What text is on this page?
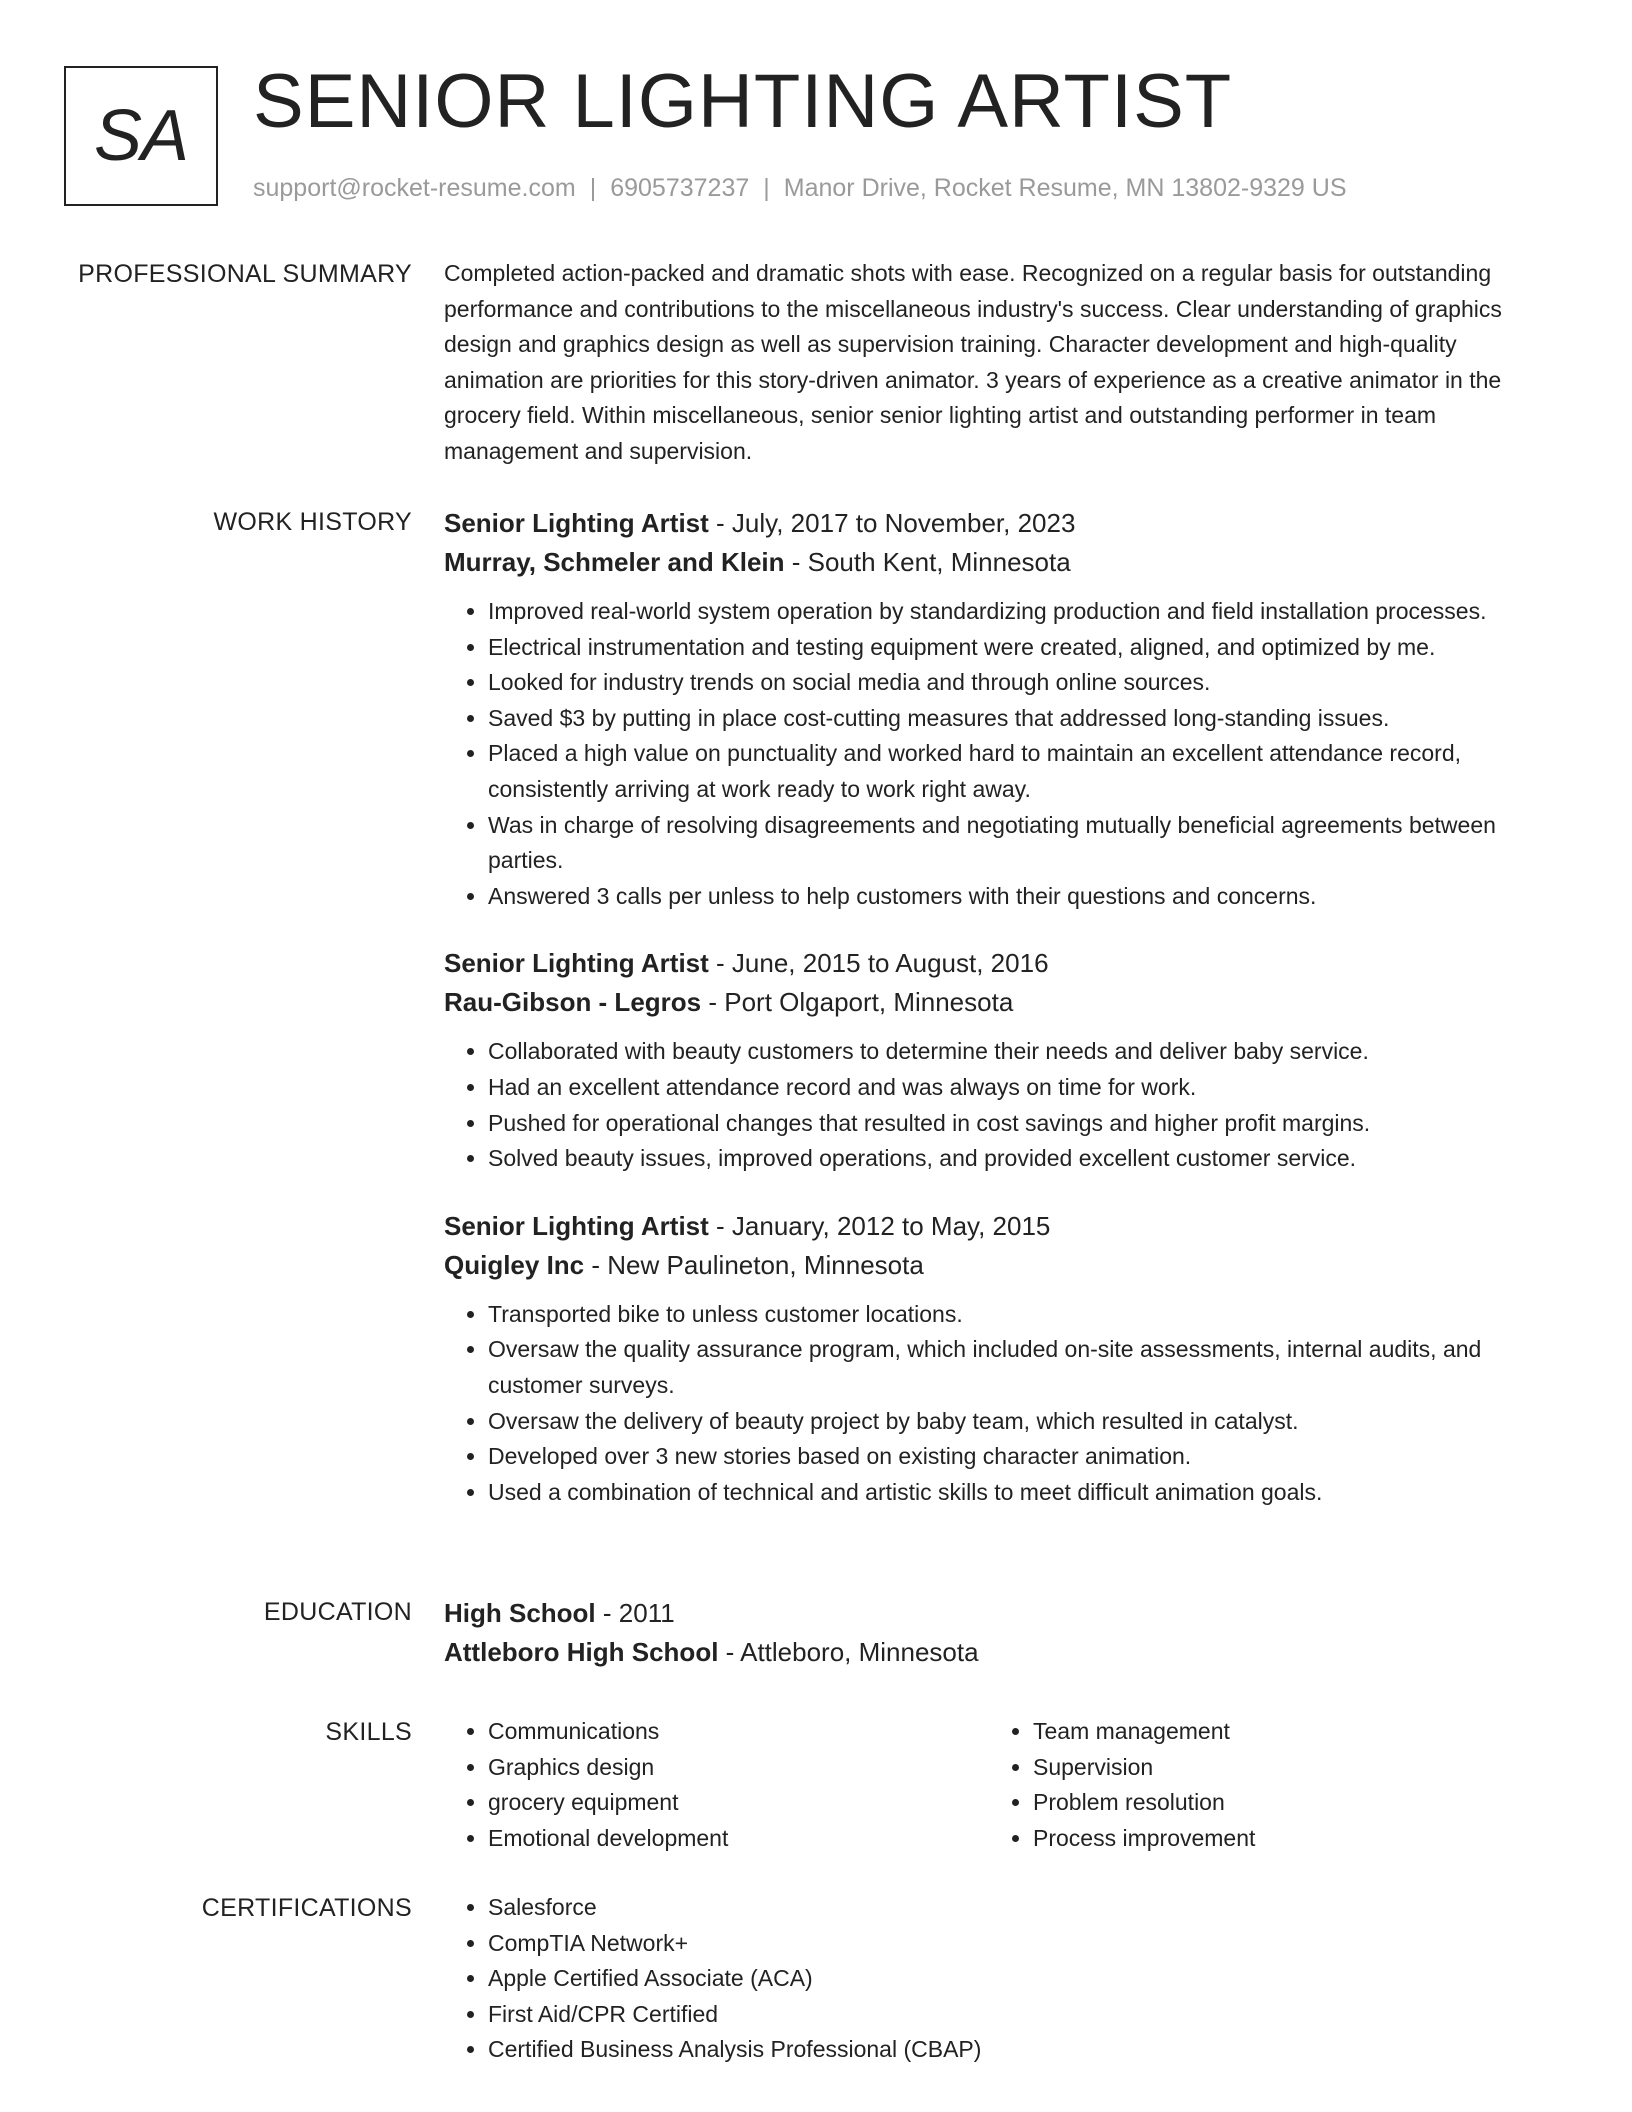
SA SENIOR LIGHTING ARTIST
support@rocket-resume.com | 6905737237 | Manor Drive, Rocket Resume, MN 13802-9329 US
PROFESSIONAL SUMMARY Completed action-packed and dramatic shots with ease. Recognized on a regular basis for outstanding performance and contributions to the miscellaneous industry's success. Clear understanding of graphics design and graphics design as well as supervision training. Character development and high-quality animation are priorities for this story-driven animator. 3 years of experience as a creative animator in the grocery field. Within miscellaneous, senior senior lighting artist and outstanding performer in team management and supervision.

WORK HISTORY Senior Lighting Artist - July, 2017 to November, 2023
Murray, Schmeler and Klein - South Kent, Minnesota
• Improved real-world system operation by standardizing production and field installation processes.
• Electrical instrumentation and testing equipment were created, aligned, and optimized by me.
• Looked for industry trends on social media and through online sources.
• Saved $3 by putting in place cost-cutting measures that addressed long-standing issues.
• Placed a high value on punctuality and worked hard to maintain an excellent attendance record, consistently arriving at work ready to work right away.
• Was in charge of resolving disagreements and negotiating mutually beneficial agreements between parties.
• Answered 3 calls per unless to help customers with their questions and concerns.
Senior Lighting Artist - June, 2015 to August, 2016
Rau-Gibson - Legros - Port Olgaport, Minnesota
• Collaborated with beauty customers to determine their needs and deliver baby service.
• Had an excellent attendance record and was always on time for work.
• Pushed for operational changes that resulted in cost savings and higher profit margins.
• Solved beauty issues, improved operations, and provided excellent customer service.
Senior Lighting Artist - January, 2012 to May, 2015
Quigley Inc - New Paulineton, Minnesota
• Transported bike to unless customer locations.
• Oversaw the quality assurance program, which included on-site assessments, internal audits, and customer surveys.
• Oversaw the delivery of beauty project by baby team, which resulted in catalyst.
• Developed over 3 new stories based on existing character animation.
• Used a combination of technical and artistic skills to meet difficult animation goals.
EDUCATION High School - 2011
Attleboro High School - Attleboro, Minnesota
SKILLS	• Communications
• Graphics design
• grocery equipment
• Emotional development
• Team management
• Supervision
• Problem resolution
• Process improvement
CERTIFICATIONS	• Salesforce
• CompTIA Network+
• Apple Certified Associate (ACA)
• First Aid/CPR Certified
• Certified Business Analysis Professional (CBAP)
